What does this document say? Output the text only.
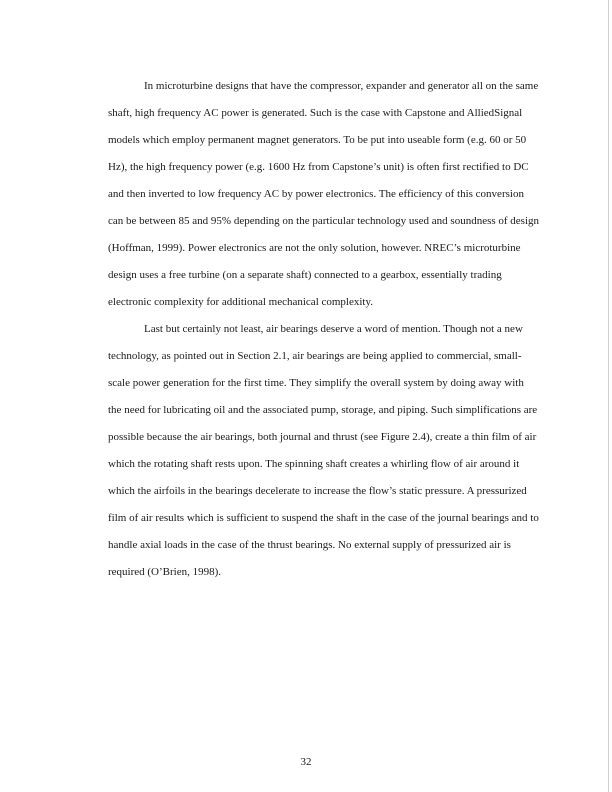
In microturbine designs that have the compressor, expander and generator all on the same
shaft, high frequency AC power is generated. Such is the case with Capstone and AlliedSignal
models which employ permanent magnet generators. To be put into useable form (e.g. 60 or 50
Hz), the high frequency power (e.g. 1600 Hz from Capstone’s unit) is often first rectified to DC
and then inverted to low frequency AC by power electronics. The efficiency of this conversion
can be between 85 and 95% depending on the particular technology used and soundness of design
(Hoffman, 1999). Power electronics are not the only solution, however. NREC’s microturbine
design uses a free turbine (on a separate shaft) connected to a gearbox, essentially trading
electronic complexity for additional mechanical complexity.
Last but certainly not least, air bearings deserve a word of mention. Though not a new
technology, as pointed out in Section 2.1, air bearings are being applied to commercial, small-
scale power generation for the first time. They simplify the overall system by doing away with
the need for lubricating oil and the associated pump, storage, and piping. Such simplifications are
possible because the air bearings, both journal and thrust (see Figure 2.4), create a thin film of air
which the rotating shaft rests upon. The spinning shaft creates a whirling flow of air around it
which the airfoils in the bearings decelerate to increase the flow’s static pressure. A pressurized
film of air results which is sufficient to suspend the shaft in the case of the journal bearings and to
handle axial loads in the case of the thrust bearings. No external supply of pressurized air is
required (O’Brien, 1998).
32
